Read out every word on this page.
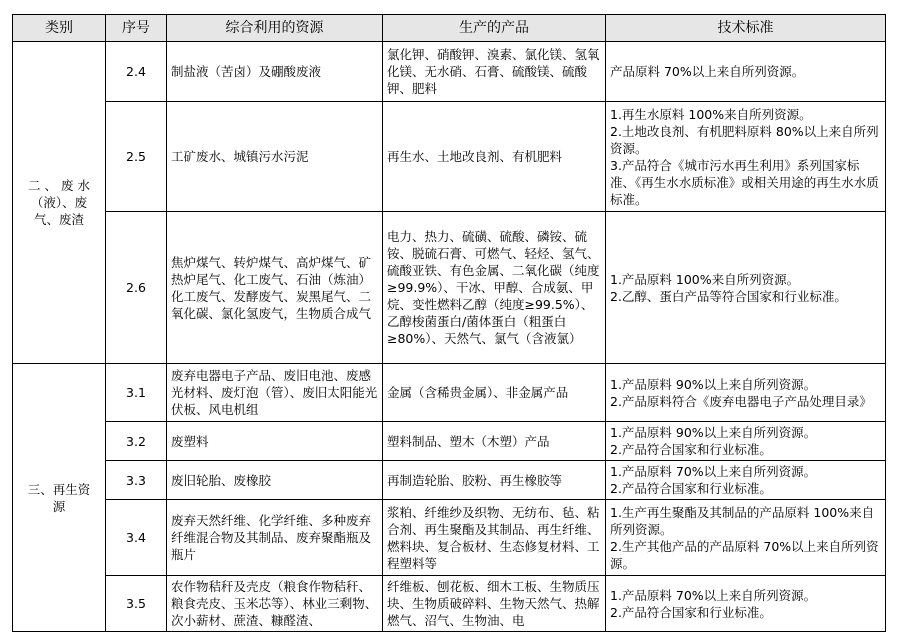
类别	序号	综合利用的资源	生产的产品	技术标准

二 、 废 水
（液）、废
气、废渣	2.4	制盐液（苦卤）及硼酸废液	氯化钾、硝酸钾、溴素、氯化镁、氢氧化镁、无水硝、石膏、硫酸镁、硫酸钾、肥料	产品原料 70%以上来自所列资源。

	2.5	工矿废水、城镇污水污泥	再生水、土地改良剂、有机肥料	1.再生水原料 100%来自所列资源。
2.土地改良剂、有机肥料原料 80%以上来自所列资源。
3.产品符合《城市污水再生利用》系列国家标准、《再生水水质标准》或相关用途的再生水水质标准。

	2.6	焦炉煤气、转炉煤气、高炉煤气、矿热炉尾气、化工废气、石油（炼油）化工废气、发酵废气、炭黑尾气、二氧化碳、氯化氢废气，生物质合成气	电力、热力、硫磺、硫酸、磷铵、硫铵、脱硫石膏、可燃气、轻烃、氢气、硫酸亚铁、有色金属、二氧化碳（纯度≥99.9%）、干冰、甲醇、合成氨、甲烷、变性燃料乙醇（纯度≥99.5%）、乙醇梭菌蛋白/菌体蛋白（粗蛋白≥80%）、天然气、氯气（含液氯）	1.产品原料 100%来自所列资源。
2.乙醇、蛋白产品等符合国家和行业标准。

三、再生资
源	3.1	废弃电器电子产品、废旧电池、废感光材料、废灯泡（管）、废旧太阳能光伏板、风电机组	金属（含稀贵金属）、非金属产品	1.产品原料 90%以上来自所列资源。
2.产品原料符合《废弃电器电子产品处理目录》

	3.2	废塑料	塑料制品、塑木（木塑）产品	1.产品原料 90%以上来自所列资源。
2.产品符合国家和行业标准。

	3.3	废旧轮胎、废橡胶	再制造轮胎、胶粉、再生橡胶等	1.产品原料 70%以上来自所列资源。
2.产品符合国家和行业标准。

	3.4	废弃天然纤维、化学纤维、多种废弃纤维混合物及其制品、废弃聚酯瓶及瓶片	浆粕、纤维纱及织物、无纺布、毡、粘合剂、再生聚酯及其制品、再生纤维、燃料块、复合板材、生态修复材料、工程塑料等	1.生产再生聚酯及其制品的产品原料 100%来自所列资源。
2.生产其他产品的产品原料 70%以上来自所列资源。

	3.5	农作物秸秆及壳皮（粮食作物秸秆、粮食壳皮、玉米芯等）、林业三剩物、次小薪材、蔗渣、糠醛渣、	纤维板、刨花板、细木工板、生物质压块、生物质破碎料、生物天然气、热解燃气、沼气、生物油、电	1.产品原料 70%以上来自所列资源。
2.产品符合国家和行业标准。
